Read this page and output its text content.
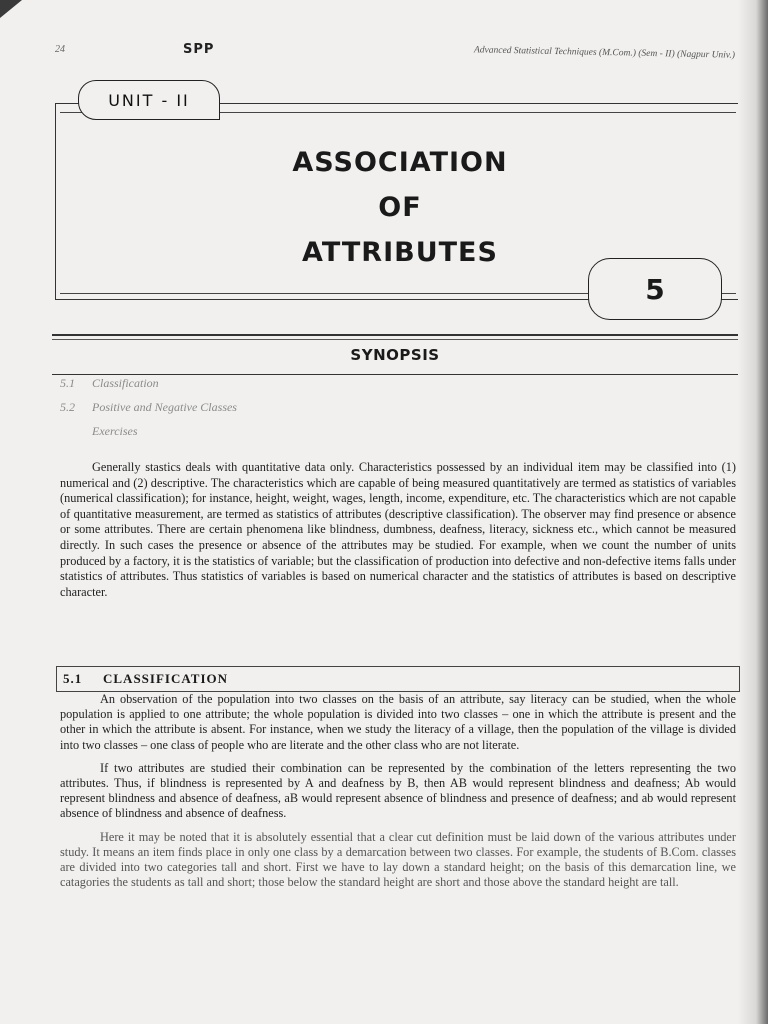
24	SPP	Advanced Statistical Techniques (M.Com.) (Sem - II) (Nagpur Univ.)
UNIT - II
ASSOCIATION
OF
ATTRIBUTES
5
SYNOPSIS
5.1	Classification
5.2	Positive and Negative Classes
Exercises

Generally stastics deals with quantitative data only. Characteristics possessed by an individual item may be classified into (1) numerical and (2) descriptive. The characteristics which are capable of being measured quantitatively are termed as statistics of variables (numerical classification); for instance, height, weight, wages, length, income, expenditure, etc. The characteristics which are not capable of quantitative measurement, are termed as statistics of attributes (descriptive classification). The observer may find presence or absence or some attributes. There are certain phenomena like blindness, dumbness, deafness, literacy, sickness etc., which cannot be measured directly. In such cases the presence or absence of the attributes may be studied. For example, when we count the number of units produced by a factory, it is the statistics of variable; but the classification of production into defective and non-defective items falls under statistics of attributes. Thus statistics of variables is based on numerical character and the statistics of attributes is based on descriptive character.

5.1	CLASSIFICATION

An observation of the population into two classes on the basis of an attribute, say literacy can be studied, when the whole population is applied to one attribute; the whole population is divided into two classes – one in which the attribute is present and the other in which the attribute is absent. For instance, when we study the literacy of a village, then the population of the village is divided into two classes – one class of people who are literate and the other class who are not literate.

If two attributes are studied their combination can be represented by the combination of the letters representing the two attributes. Thus, if blindness is represented by A and deafness by B, then AB would represent blindness and deafness; Ab would represent blindness and absence of deafness, aB would represent absence of blindness and presence of deafness; and ab would represent absence of blindness and absence of deafness.

Here it may be noted that it is absolutely essential that a clear cut definition must be laid down of the various attributes under study. It means an item finds place in only one class by a demarcation between two classes. For example, the students of B.Com. classes are divided into two categories tall and short. First we have to lay down a standard height; on the basis of this demarcation line, we catagories the students as tall and short; those below the standard height are short and those above the standard height are tall.
